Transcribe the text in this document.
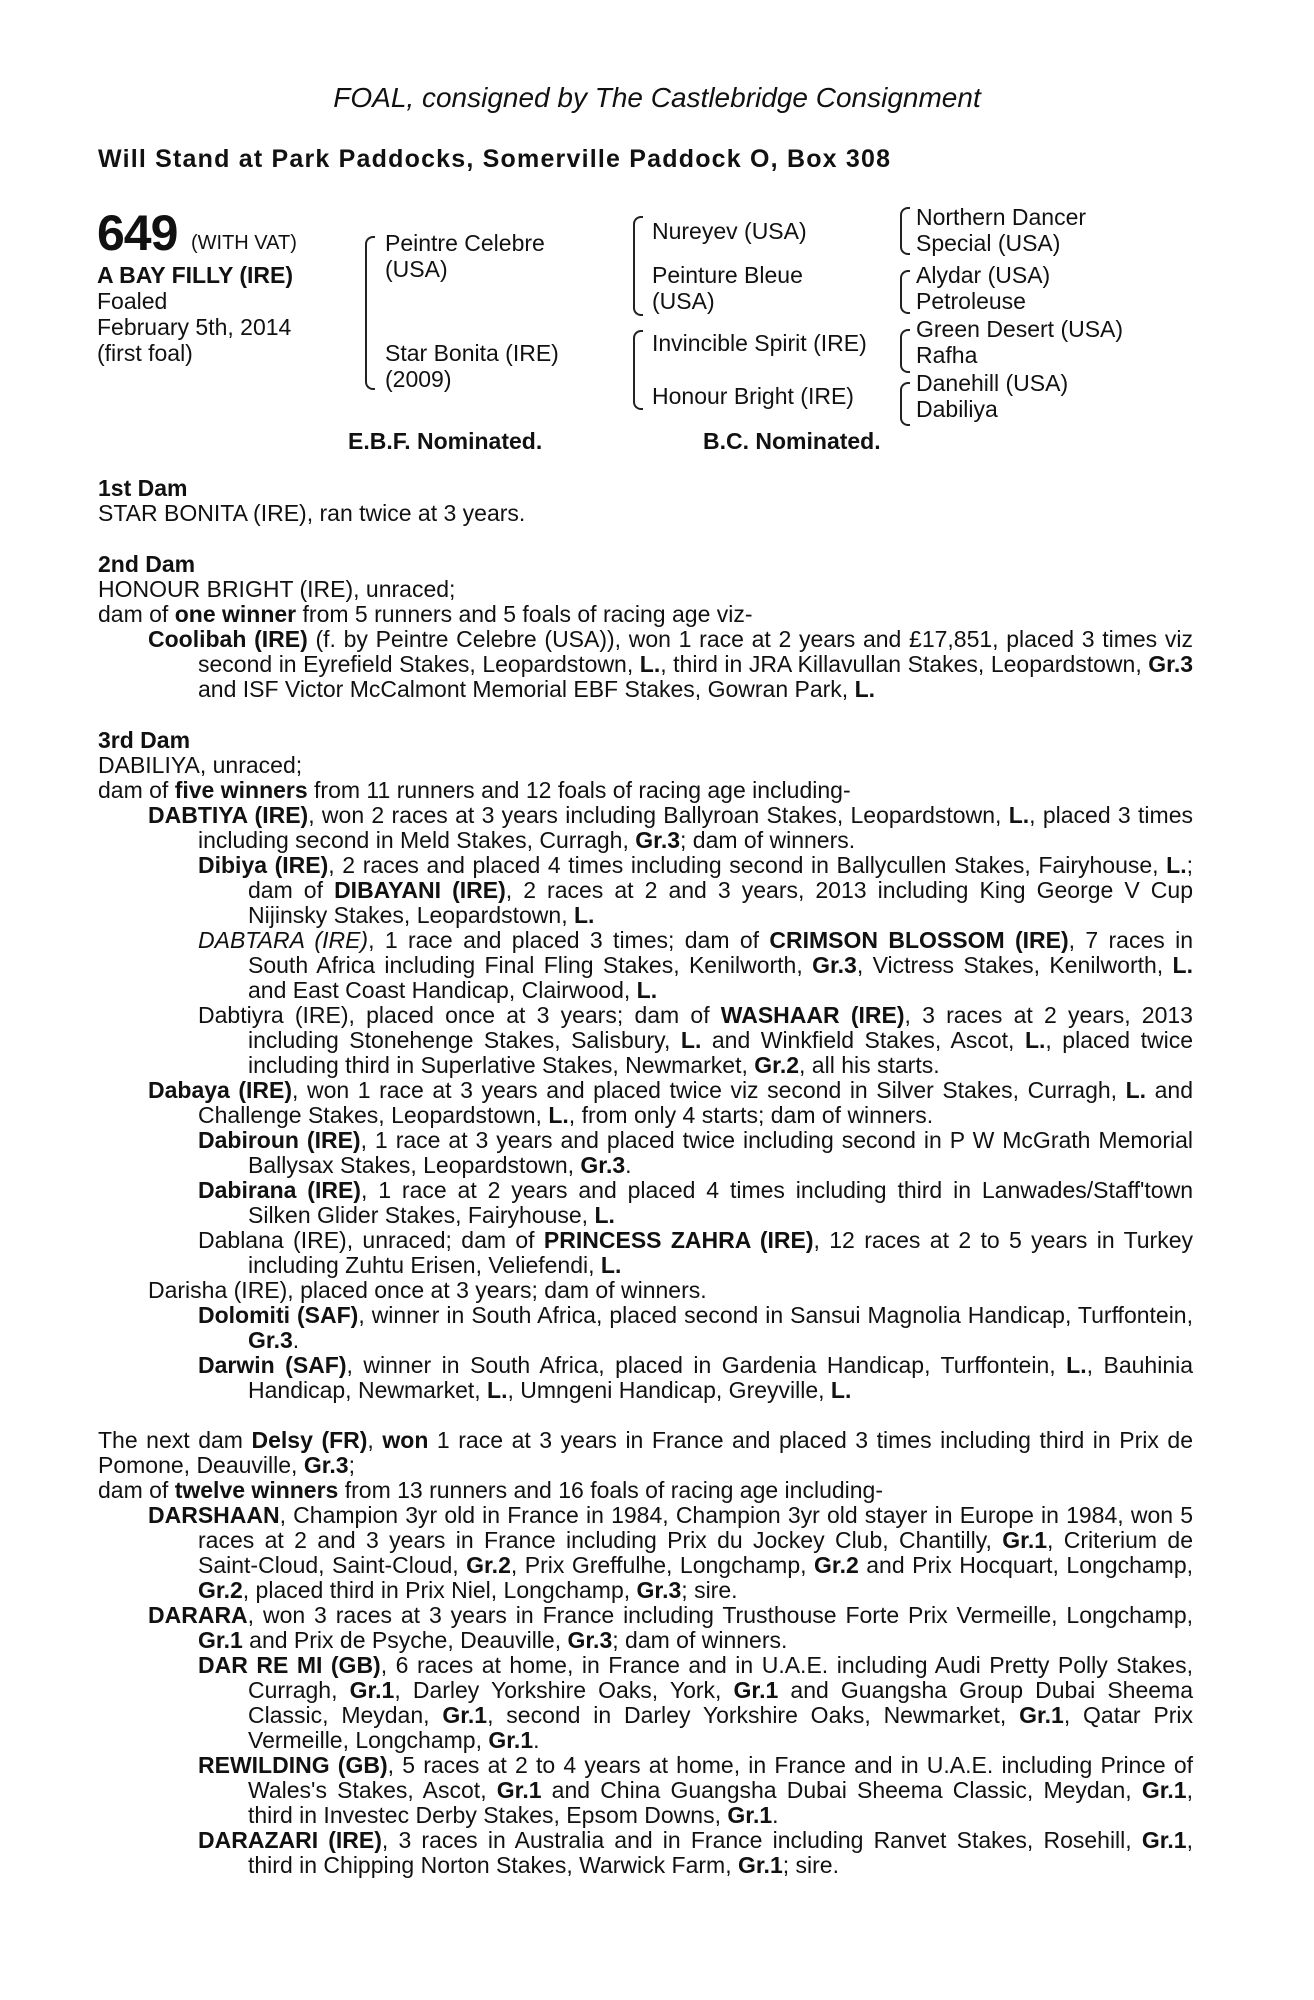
FOAL, consigned by The Castlebridge Consignment
Will Stand at Park Paddocks, Somerville Paddock O, Box 308
649 (WITH VAT)
A BAY FILLY (IRE)
Foaled
February 5th, 2014
(first foal)
Peintre Celebre
(USA)
Star Bonita (IRE)
(2009)
Nureyev (USA)
Peinture Bleue
(USA)
Invincible Spirit (IRE)
Honour Bright (IRE)
Northern Dancer
Special (USA)
Alydar (USA)
Petroleuse
Green Desert (USA)
Rafha
Danehill (USA)
Dabiliya
E.B.F. Nominated.	B.C. Nominated.

1st Dam

STAR BONITA (IRE), ran twice at 3 years.

2nd Dam

HONOUR BRIGHT (IRE), unraced;

dam of one winner from 5 runners and 5 foals of racing age viz-

Coolibah (IRE) (f. by Peintre Celebre (USA)), won 1 race at 2 years and £17,851, placed 3 times viz second in Eyrefield Stakes, Leopardstown, L., third in JRA Killavullan Stakes, Leopardstown, Gr.3 and ISF Victor McCalmont Memorial EBF Stakes, Gowran Park, L.

3rd Dam

DABILIYA, unraced;

dam of five winners from 11 runners and 12 foals of racing age including-

DABTIYA (IRE), won 2 races at 3 years including Ballyroan Stakes, Leopardstown, L., placed 3 times including second in Meld Stakes, Curragh, Gr.3; dam of winners.

Dibiya (IRE), 2 races and placed 4 times including second in Ballycullen Stakes, Fairyhouse, L.; dam of DIBAYANI (IRE), 2 races at 2 and 3 years, 2013 including King George V Cup Nijinsky Stakes, Leopardstown, L.

DABTARA (IRE), 1 race and placed 3 times; dam of CRIMSON BLOSSOM (IRE), 7 races in South Africa including Final Fling Stakes, Kenilworth, Gr.3, Victress Stakes, Kenilworth, L. and East Coast Handicap, Clairwood, L.

Dabtiyra (IRE), placed once at 3 years; dam of WASHAAR (IRE), 3 races at 2 years, 2013 including Stonehenge Stakes, Salisbury, L. and Winkfield Stakes, Ascot, L., placed twice including third in Superlative Stakes, Newmarket, Gr.2, all his starts.

Dabaya (IRE), won 1 race at 3 years and placed twice viz second in Silver Stakes, Curragh, L. and Challenge Stakes, Leopardstown, L., from only 4 starts; dam of winners.

Dabiroun (IRE), 1 race at 3 years and placed twice including second in P W McGrath Memorial Ballysax Stakes, Leopardstown, Gr.3.

Dabirana (IRE), 1 race at 2 years and placed 4 times including third in Lanwades/Staff'town Silken Glider Stakes, Fairyhouse, L.

Dablana (IRE), unraced; dam of PRINCESS ZAHRA (IRE), 12 races at 2 to 5 years in Turkey including Zuhtu Erisen, Veliefendi, L.

Darisha (IRE), placed once at 3 years; dam of winners.

Dolomiti (SAF), winner in South Africa, placed second in Sansui Magnolia Handicap, Turffontein, Gr.3.

Darwin (SAF), winner in South Africa, placed in Gardenia Handicap, Turffontein, L., Bauhinia Handicap, Newmarket, L., Umngeni Handicap, Greyville, L.

The next dam Delsy (FR), won 1 race at 3 years in France and placed 3 times including third in Prix de Pomone, Deauville, Gr.3;

dam of twelve winners from 13 runners and 16 foals of racing age including-

DARSHAAN, Champion 3yr old in France in 1984, Champion 3yr old stayer in Europe in 1984, won 5 races at 2 and 3 years in France including Prix du Jockey Club, Chantilly, Gr.1, Criterium de Saint-Cloud, Saint-Cloud, Gr.2, Prix Greffulhe, Longchamp, Gr.2 and Prix Hocquart, Longchamp, Gr.2, placed third in Prix Niel, Longchamp, Gr.3; sire.

DARARA, won 3 races at 3 years in France including Trusthouse Forte Prix Vermeille, Longchamp, Gr.1 and Prix de Psyche, Deauville, Gr.3; dam of winners.

DAR RE MI (GB), 6 races at home, in France and in U.A.E. including Audi Pretty Polly Stakes, Curragh, Gr.1, Darley Yorkshire Oaks, York, Gr.1 and Guangsha Group Dubai Sheema Classic, Meydan, Gr.1, second in Darley Yorkshire Oaks, Newmarket, Gr.1, Qatar Prix Vermeille, Longchamp, Gr.1.

REWILDING (GB), 5 races at 2 to 4 years at home, in France and in U.A.E. including Prince of Wales's Stakes, Ascot, Gr.1 and China Guangsha Dubai Sheema Classic, Meydan, Gr.1, third in Investec Derby Stakes, Epsom Downs, Gr.1.

DARAZARI (IRE), 3 races in Australia and in France including Ranvet Stakes, Rosehill, Gr.1, third in Chipping Norton Stakes, Warwick Farm, Gr.1; sire.
